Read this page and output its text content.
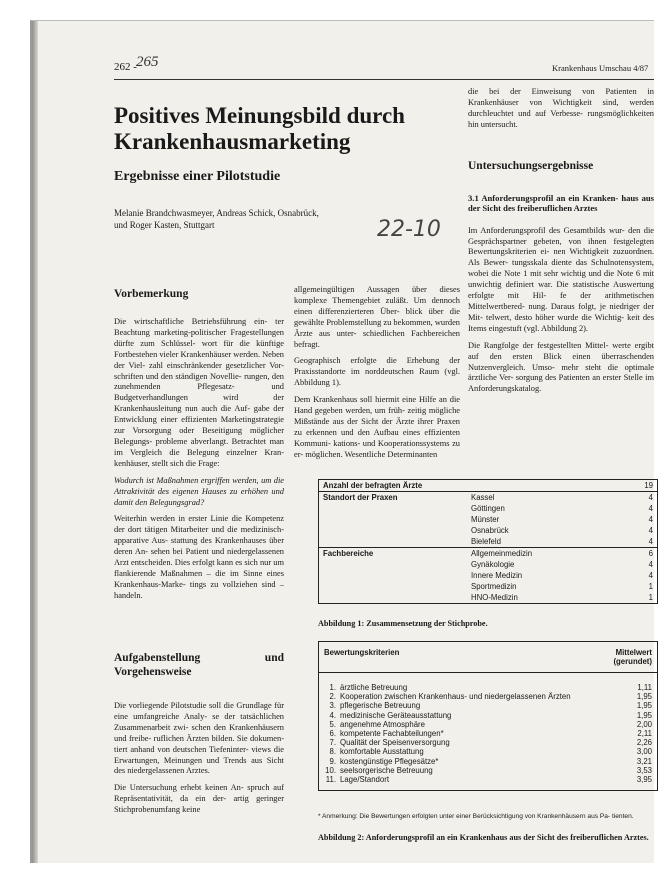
262 - 265	Krankenhaus Umschau 4/87
Positives Meinungsbild durch Krankenhausmarketing
Ergebnisse einer Pilotstudie
Melanie Brandchwasmeyer, Andreas Schick, Osnabrück,
und Roger Kasten, Stuttgart	22-10
Vorbemerkung

Die wirtschaftliche Betriebsführung ein- ter Beachtung marketing-politischer Fragestellungen dürfte zum Schlüssel- wort für die künftige Fortbestehen vieler Krankenhäuser werden. Neben der Viel- zahl einschränkender gesetzlicher Vor- schriften und den ständigen Novellie- rungen, den zunehmenden Pflegesatz- und Budgetverhandlungen wird der Krankenhausleitung nun auch die Auf- gabe der Entwicklung einer effizienten Marketingstrategie zur Vorsorgung oder Beseitigung möglicher Belegungs- probleme abverlangt. Betrachtet man im Vergleich die Belegung einzelner Kran- kenhäuser, stellt sich die Frage:

Wodurch ist Maßnahmen ergriffen werden, um die Attraktivität des eigenen Hauses zu erhöhen und damit den Belegungsgrad?

Weiterhin werden in erster Linie die Kompetenz der dort tätigen Mitarbeiter und die medizinisch-apparative Aus- stattung des Krankenhauses über deren An- sehen bei Patient und niedergelassenen Arzt entscheiden. Dies erfolgt kann es sich nur um flankierende Maßnahmen – die im Sinne eines Krankenhaus-Marke- tings zu vollziehen sind – handeln.

Aufgabenstellung und Vorgehensweise

Die vorliegende Pilotstudie soll die Grundlage für eine umfangreiche Analy- se der tatsächlichen Zusammenarbeit zwi- schen den Krankenhäusern und freibe- ruflichen Ärzten bilden. Sie dokumen- tiert anhand von deutschen Tiefeninter- views die Erwartungen, Meinungen und Trends aus Sicht des niedergelassenen Arztes.

Die Untersuchung erhebt keinen An- spruch auf Repräsentativität, da ein der- artig geringer Stichprobenumfang keine

allgemeingültigen Aussagen über dieses komplexe Themengebiet zuläßt. Um dennoch einen differenzierteren Über- blick über die gewählte Problemstellung zu bekommen, wurden Ärzte aus unter- schiedlichen Fachbereichen befragt.

Geographisch erfolgte die Erhebung der Praxisstandorte im norddeutschen Raum (vgl. Abbildung 1).

Dem Krankenhaus soll hiermit eine Hilfe an die Hand gegeben werden, um früh- zeitig mögliche Mißstände aus der Sicht der Ärzte ihrer Praxen zu erkennen und den Aufbau eines effizienten Kommuni- kations- und Kooperationssystems zu er- möglichen. Wesentliche Determinanten

die bei der Einweisung von Patienten in Krankenhäuser von Wichtigkeit sind, werden durchleuchtet und auf Verbesse- rungsmöglichkeiten hin untersucht.

Untersuchungsergebnisse
3.1 Anforderungsprofil an ein Kranken- haus aus der Sicht des freiberuflichen Arztes

Im Anforderungsprofil des Gesamtbilds wur- den die Gesprächspartner gebeten, von ihnen festgelegten Bewertungskriterien ei- nen Wichtigkeit zuzuordnen. Als Bewer- tungsskala diente das Schulnotensystem, wobei die Note 1 mit sehr wichtig und die Note 6 mit unwichtig definiert war. Die statistische Auswertung erfolgte mit Hil- fe der arithmetischen Mittelwertbered- nung. Daraus folgt, je niedriger der Mit- telwert, desto höher wurde die Wichtig- keit des Items eingestuft (vgl. Abbildung 2).

Die Rangfolge der festgestellten Mittel- werte ergibt auf den ersten Blick einen überraschenden Nutzenvergleich. Umso- mehr steht die optimale ärztliche Ver- sorgung des Patienten an erster Stelle im Anforderungskatalog.

Anzahl der befragten Ärzte		19
Standort der Praxen	Kassel	4
	Göttingen	4
	Münster	4
	Osnabrück	4
	Bielefeld	4
Fachbereiche	Allgemeinmedizin	6
	Gynäkologie	4
	Innere Medizin	4
	Sportmedizin	1
	HNO-Medizin	1
Abbildung 1: Zusammensetzung der Stichprobe.
Bewertungskriterien	Mittelwert (gerundet)

1. ärztliche Betreuung	1,11
2. Kooperation zwischen Krankenhaus- und niedergelassenen Ärzten	1,95
3. pflegerische Betreuung	1,95
4. medizinische Geräteausstattung	1,95
5. angenehme Atmosphäre	2,00
6. kompetente Fachabteilungen*	2,11
7. Qualität der Speisenversorgung	2,26
8. komfortable Ausstattung	3,00
9. kostengünstige Pflegesätze*	3,21
10. seelsorgerische Betreuung	3,53
11. Lage/Standort	3,95

* Anmerkung: Die Bewertungen erfolgten unter einer Berücksichtigung von Krankenhäusern aus Pa- tienten.
Abbildung 2: Anforderungsprofil an ein Krankenhaus aus der Sicht des freiberuflichen Arztes.
